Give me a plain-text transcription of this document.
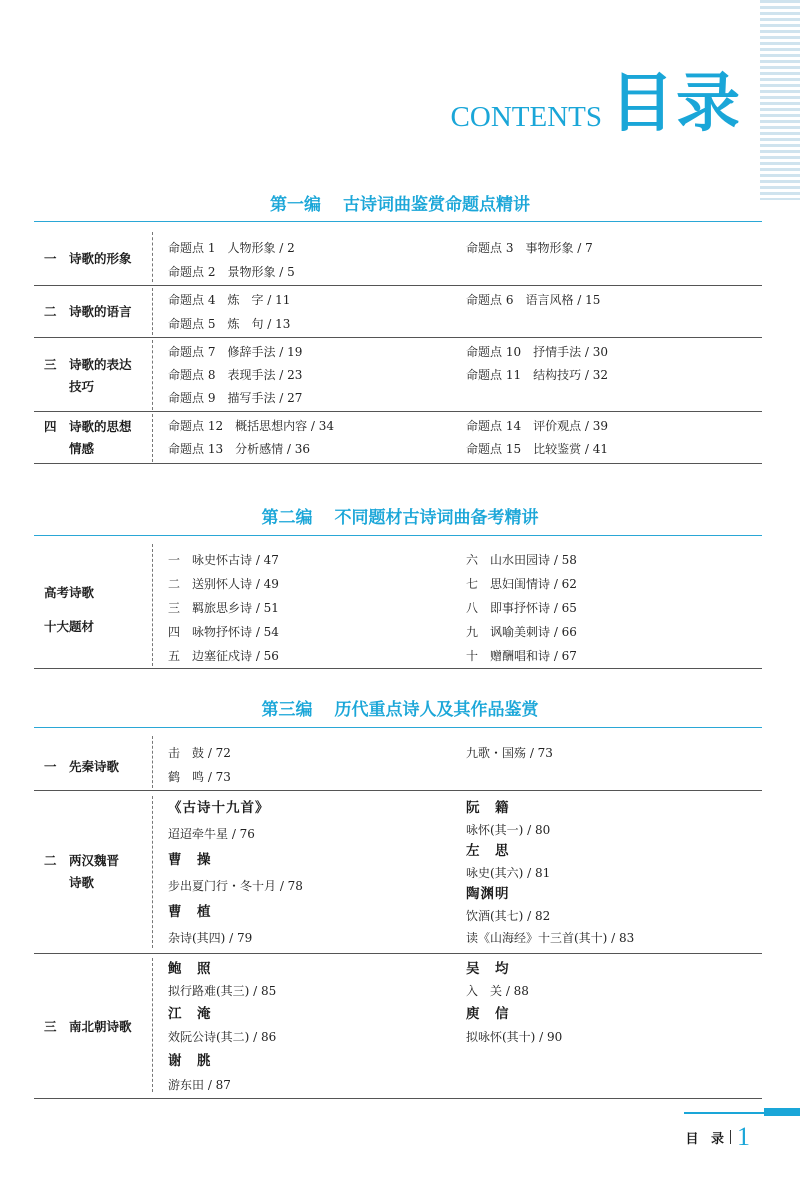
CONTENTS 目录
第一编 古诗词曲鉴赏命题点精讲
一　诗歌的形象
命题点 1　人物形象 / 2
命题点 2　景物形象 / 5
命题点 3　事物形象 / 7
二　诗歌的语言
命题点 4　炼　字 / 11
命题点 5　炼　句 / 13
命题点 6　语言风格 / 15
三　诗歌的表达
　　技巧
命题点 7　修辞手法 / 19
命题点 8　表现手法 / 23
命题点 9　描写手法 / 27
命题点 10　抒情手法 / 30
命题点 11　结构技巧 / 32
四　诗歌的思想
　　情感
命题点 12　概括思想内容 / 34
命题点 13　分析感情 / 36
命题点 14　评价观点 / 39
命题点 15　比较鉴赏 / 41
第二编 不同题材古诗词曲备考精讲
高考诗歌
十大题材
一　咏史怀古诗 / 47
二　送别怀人诗 / 49
三　羁旅思乡诗 / 51
四　咏物抒怀诗 / 54
五　边塞征戍诗 / 56
六　山水田园诗 / 58
七　思妇闺情诗 / 62
八　即事抒怀诗 / 65
九　讽喻美刺诗 / 66
十　赠酬唱和诗 / 67
第三编 历代重点诗人及其作品鉴赏
一　先秦诗歌
击　鼓 / 72
鹤　鸣 / 73
九歌・国殇 / 73
二　两汉魏晋
　　诗歌
《古诗十九首》
迢迢牵牛星 / 76
曹　操
步出夏门行・冬十月 / 78
曹　植
杂诗(其四) / 79
阮　籍
咏怀(其一) / 80
左　思
咏史(其六) / 81
陶渊明
饮酒(其七) / 82
读《山海经》十三首(其十) / 83
三　南北朝诗歌
鲍　照
拟行路难(其三) / 85
江　淹
效阮公诗(其二) / 86
谢　朓
游东田 / 87
吴　均
入　关 / 88
庾　信
拟咏怀(其十) / 90
目 录 1
